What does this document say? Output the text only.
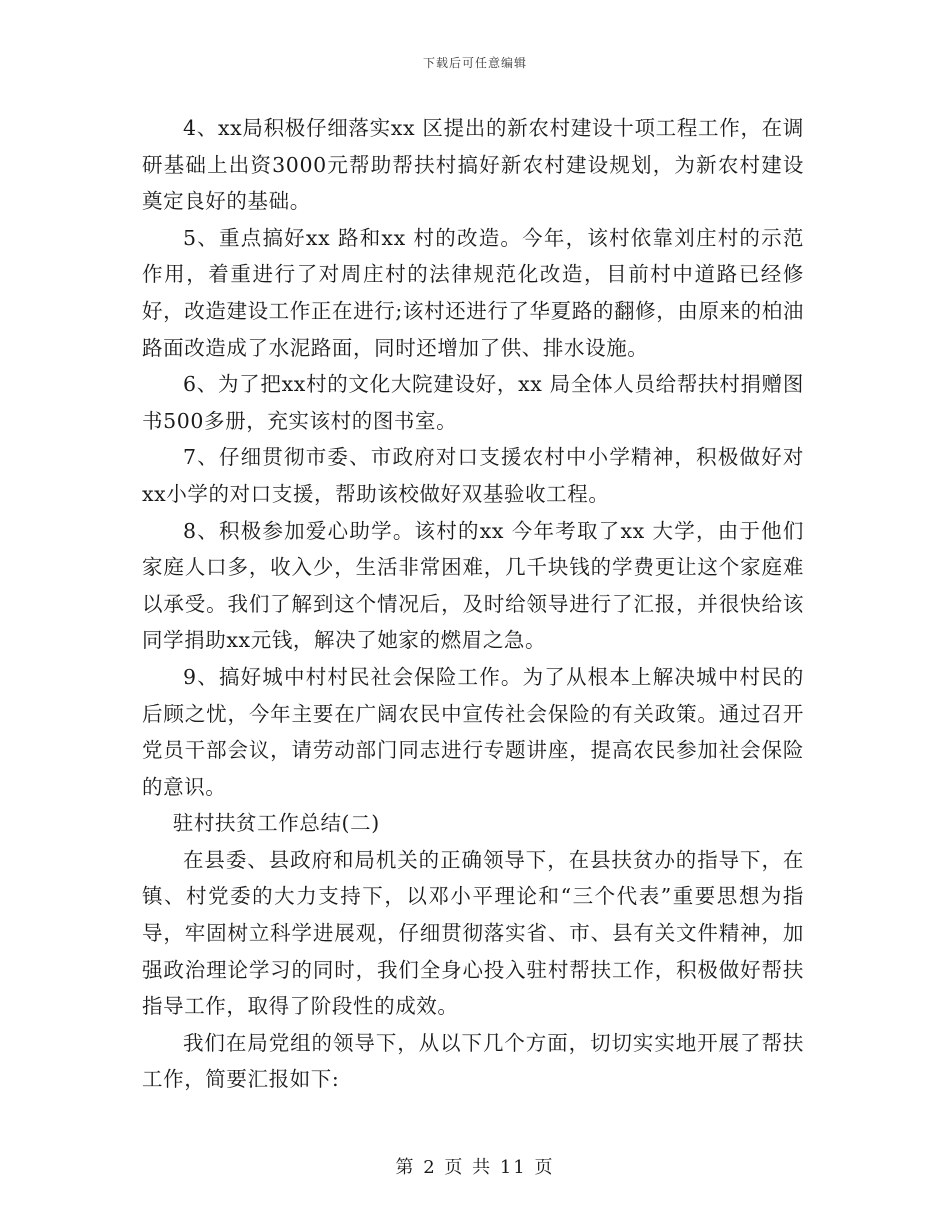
下载后可任意编辑

4、xx局积极仔细落实xx 区提出的新农村建设十项工程工作，在调研基础上出资3000元帮助帮扶村搞好新农村建设规划，为新农村建设奠定良好的基础。

5、重点搞好xx 路和xx 村的改造。今年，该村依靠刘庄村的示范作用，着重进行了对周庄村的法律规范化改造，目前村中道路已经修好，改造建设工作正在进行;该村还进行了华夏路的翻修，由原来的柏油路面改造成了水泥路面，同时还增加了供、排水设施。

6、为了把xx村的文化大院建设好，xx 局全体人员给帮扶村捐赠图书500多册，充实该村的图书室。

7、仔细贯彻市委、市政府对口支援农村中小学精神，积极做好对xx小学的对口支援，帮助该校做好双基验收工程。

8、积极参加爱心助学。该村的xx 今年考取了xx 大学，由于他们家庭人口多，收入少，生活非常困难，几千块钱的学费更让这个家庭难以承受。我们了解到这个情况后，及时给领导进行了汇报，并很快给该同学捐助xx元钱，解决了她家的燃眉之急。

9、搞好城中村村民社会保险工作。为了从根本上解决城中村民的后顾之忧，今年主要在广阔农民中宣传社会保险的有关政策。通过召开党员干部会议，请劳动部门同志进行专题讲座，提高农民参加社会保险的意识。

驻村扶贫工作总结(二)

在县委、县政府和局机关的正确领导下，在县扶贫办的指导下，在镇、村党委的大力支持下，以邓小平理论和“三个代表”重要思想为指导，牢固树立科学进展观，仔细贯彻落实省、市、县有关文件精神，加强政治理论学习的同时，我们全身心投入驻村帮扶工作，积极做好帮扶指导工作，取得了阶段性的成效。

我们在局党组的领导下，从以下几个方面，切切实实地开展了帮扶工作，简要汇报如下:

第 2 页 共 11 页
